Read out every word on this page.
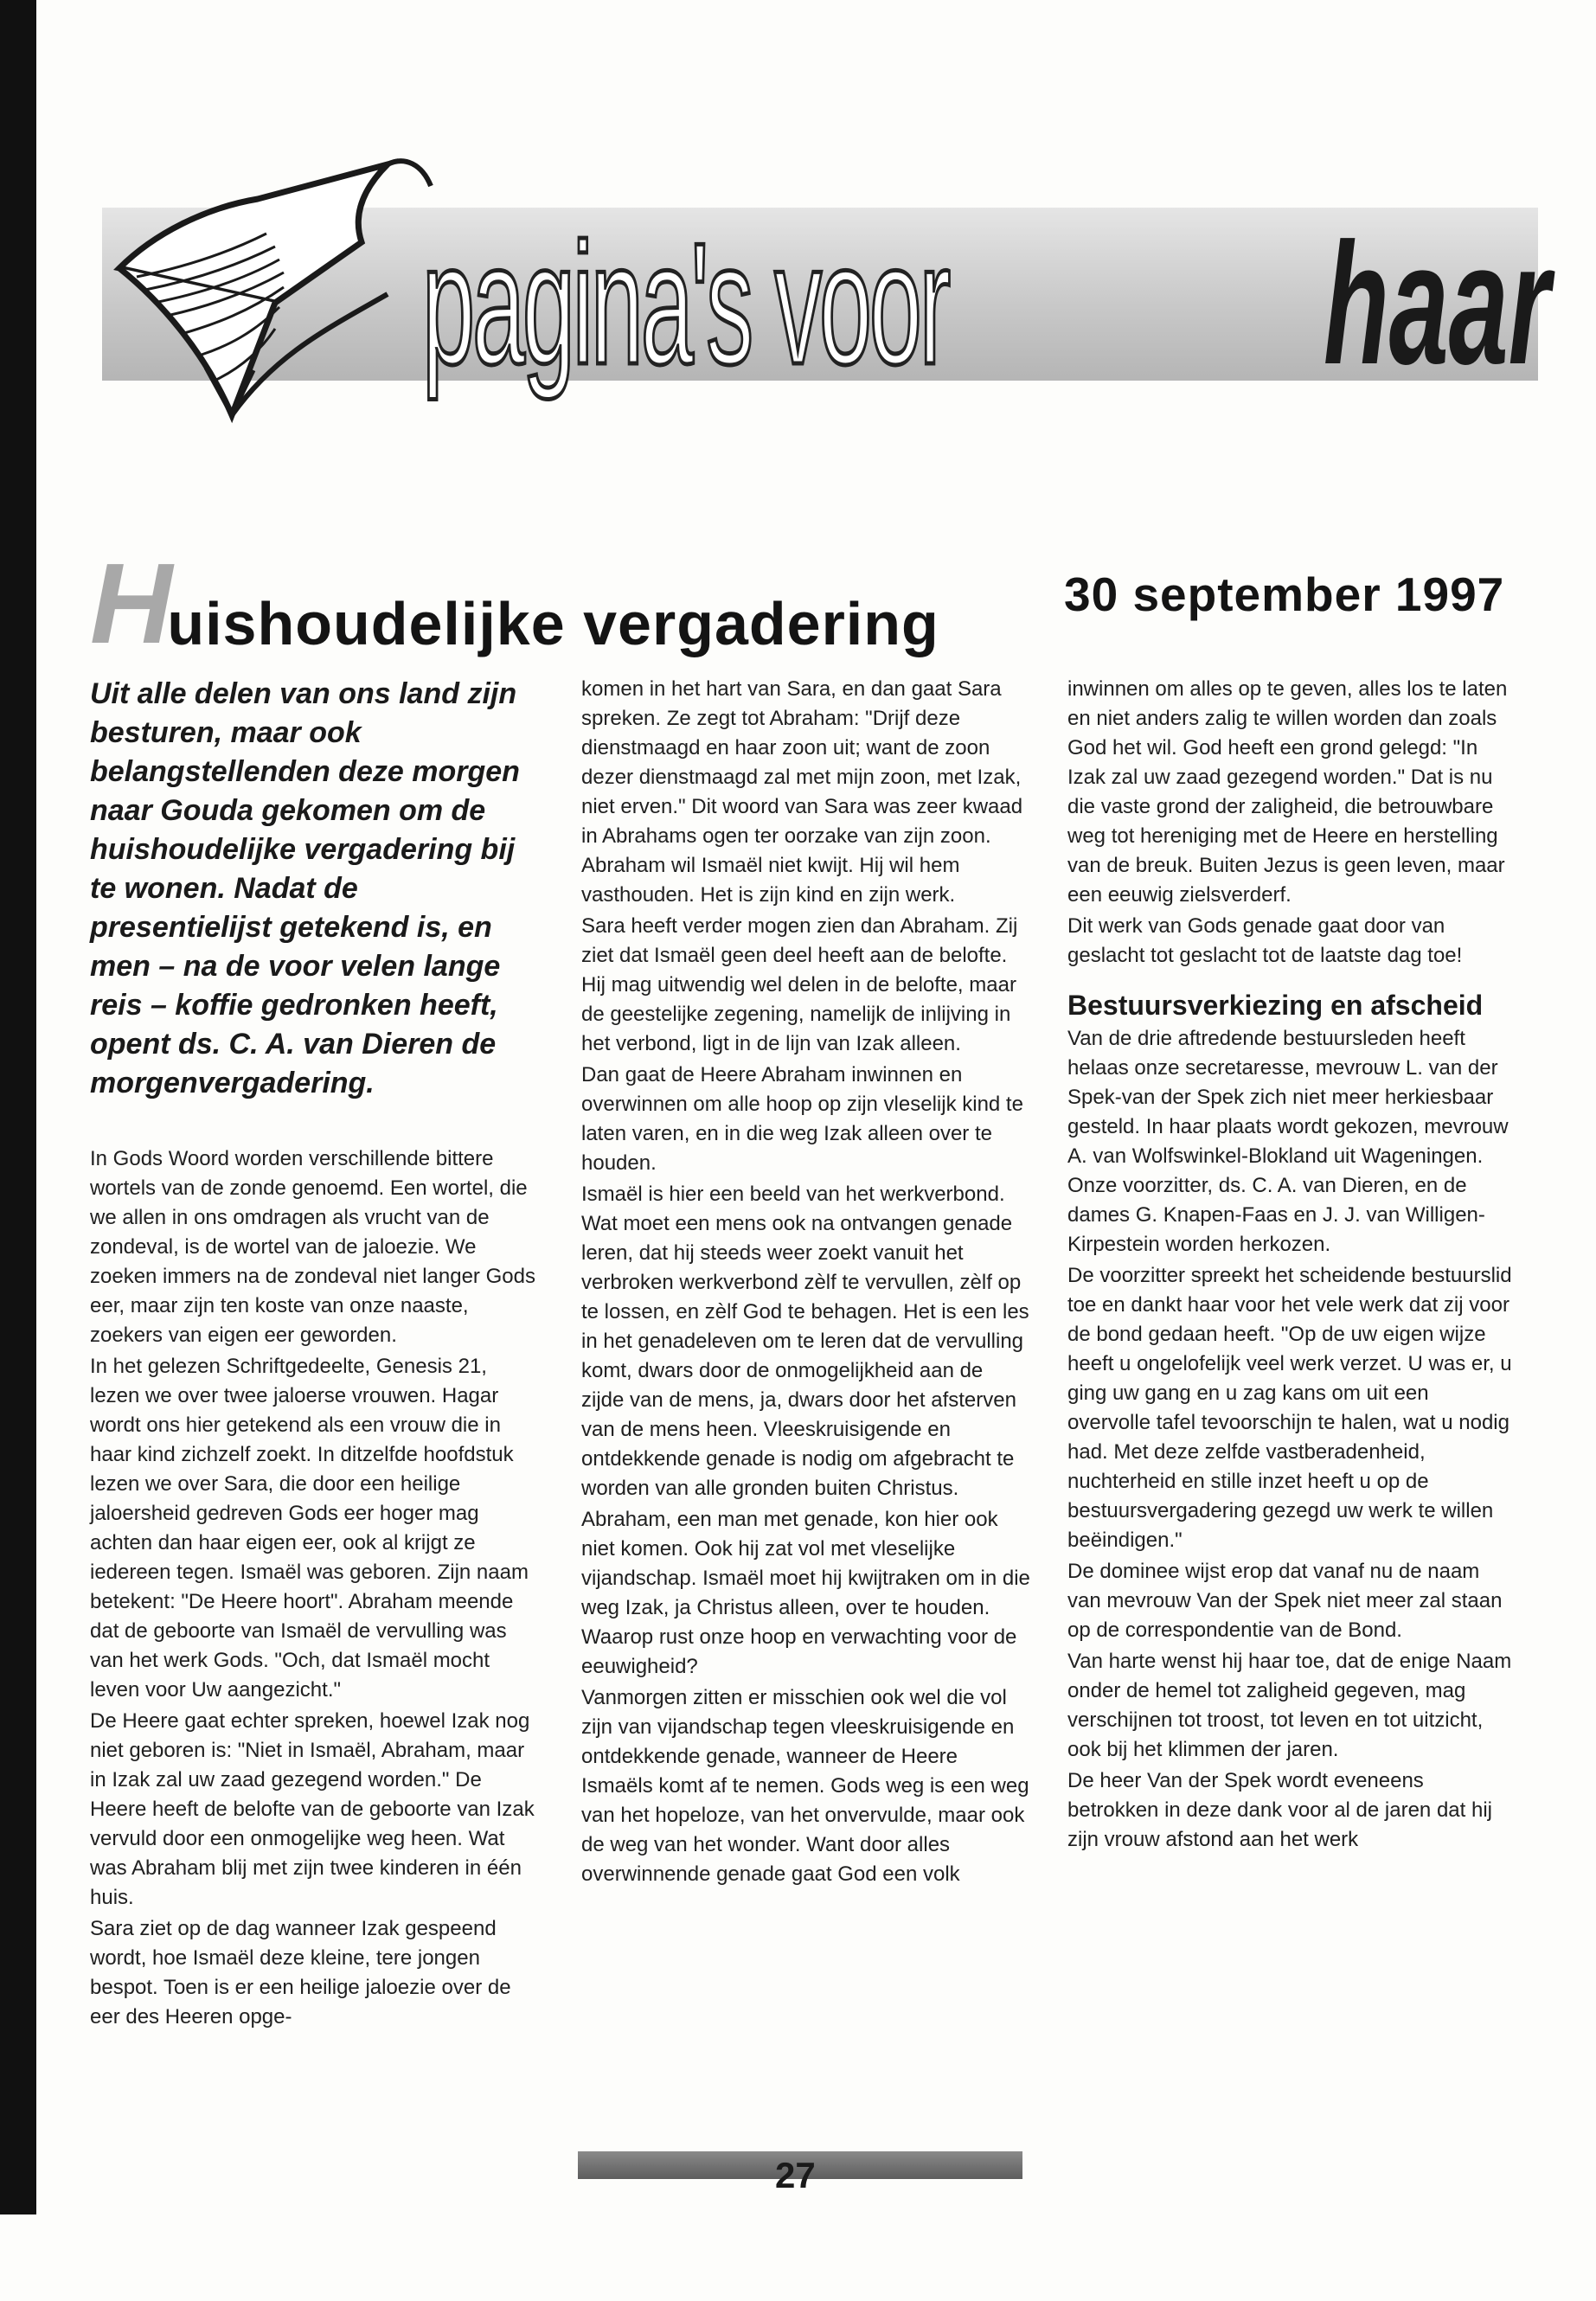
pagina's voor haar
Huishoudelijke vergadering	30 september 1997

Uit alle delen van ons land zijn besturen, maar ook belangstellenden deze morgen naar Gouda gekomen om de huishoudelijke vergadering bij te wonen. Nadat de presentielijst getekend is, en men – na de voor velen lange reis – koffie gedronken heeft, opent ds. C. A. van Dieren de morgenvergadering.

In Gods Woord worden verschillende bittere wortels van de zonde genoemd. Een wortel, die we allen in ons omdragen als vrucht van de zondeval, is de wortel van de jaloezie. We zoeken immers na de zondeval niet langer Gods eer, maar zijn ten koste van onze naaste, zoekers van eigen eer geworden.

In het gelezen Schriftgedeelte, Genesis 21, lezen we over twee jaloerse vrouwen. Hagar wordt ons hier getekend als een vrouw die in haar kind zichzelf zoekt. In ditzelfde hoofdstuk lezen we over Sara, die door een heilige jaloersheid gedreven Gods eer hoger mag achten dan haar eigen eer, ook al krijgt ze iedereen tegen. Ismaël was geboren. Zijn naam betekent: "De Heere hoort". Abraham meende dat de geboorte van Ismaël de vervulling was van het werk Gods. "Och, dat Ismaël mocht leven voor Uw aangezicht."

De Heere gaat echter spreken, hoewel Izak nog niet geboren is: "Niet in Ismaël, Abraham, maar in Izak zal uw zaad gezegend worden." De Heere heeft de belofte van de geboorte van Izak vervuld door een onmogelijke weg heen. Wat was Abraham blij met zijn twee kinderen in één huis.

Sara ziet op de dag wanneer Izak gespeend wordt, hoe Ismaël deze kleine, tere jongen bespot. Toen is er een heilige jaloezie over de eer des Heeren opge-

komen in het hart van Sara, en dan gaat Sara spreken. Ze zegt tot Abraham: "Drijf deze dienstmaagd en haar zoon uit; want de zoon dezer dienstmaagd zal met mijn zoon, met Izak, niet erven." Dit woord van Sara was zeer kwaad in Abrahams ogen ter oorzake van zijn zoon. Abraham wil Ismaël niet kwijt. Hij wil hem vasthouden. Het is zijn kind en zijn werk.

Sara heeft verder mogen zien dan Abraham. Zij ziet dat Ismaël geen deel heeft aan de belofte. Hij mag uitwendig wel delen in de belofte, maar de geestelijke zegening, namelijk de inlijving in het verbond, ligt in de lijn van Izak alleen.

Dan gaat de Heere Abraham inwinnen en overwinnen om alle hoop op zijn vleselijk kind te laten varen, en in die weg Izak alleen over te houden.

Ismaël is hier een beeld van het werkverbond. Wat moet een mens ook na ontvangen genade leren, dat hij steeds weer zoekt vanuit het verbroken werkverbond zèlf te vervullen, zèlf op te lossen, en zèlf God te behagen. Het is een les in het genadeleven om te leren dat de vervulling komt, dwars door de onmogelijkheid aan de zijde van de mens, ja, dwars door het afsterven van de mens heen. Vleeskruisigende en ontdekkende genade is nodig om afgebracht te worden van alle gronden buiten Christus.

Abraham, een man met genade, kon hier ook niet komen. Ook hij zat vol met vleselijke vijandschap. Ismaël moet hij kwijtraken om in die weg Izak, ja Christus alleen, over te houden. Waarop rust onze hoop en verwachting voor de eeuwigheid?

Vanmorgen zitten er misschien ook wel die vol zijn van vijandschap tegen vleeskruisigende en ontdekkende genade, wanneer de Heere Ismaëls komt af te nemen. Gods weg is een weg van het hopeloze, van het onvervulde, maar ook de weg van het wonder. Want door alles overwinnende genade gaat God een volk

inwinnen om alles op te geven, alles los te laten en niet anders zalig te willen worden dan zoals God het wil. God heeft een grond gelegd: "In Izak zal uw zaad gezegend worden." Dat is nu die vaste grond der zaligheid, die betrouwbare weg tot hereniging met de Heere en herstelling van de breuk. Buiten Jezus is geen leven, maar een eeuwig zielsverderf.

Dit werk van Gods genade gaat door van geslacht tot geslacht tot de laatste dag toe!

Bestuursverkiezing en afscheid

Van de drie aftredende bestuursleden heeft helaas onze secretaresse, mevrouw L. van der Spek-van der Spek zich niet meer herkiesbaar gesteld. In haar plaats wordt gekozen, mevrouw A. van Wolfswinkel-Blokland uit Wageningen. Onze voorzitter, ds. C. A. van Dieren, en de dames G. Knapen-Faas en J. J. van Willigen-Kirpestein worden herkozen.

De voorzitter spreekt het scheidende bestuurslid toe en dankt haar voor het vele werk dat zij voor de bond gedaan heeft. "Op de uw eigen wijze heeft u ongelofelijk veel werk verzet. U was er, u ging uw gang en u zag kans om uit een overvolle tafel tevoorschijn te halen, wat u nodig had. Met deze zelfde vastberadenheid, nuchterheid en stille inzet heeft u op de bestuursvergadering gezegd uw werk te willen beëindigen."

De dominee wijst erop dat vanaf nu de naam van mevrouw Van der Spek niet meer zal staan op de correspondentie van de Bond.

Van harte wenst hij haar toe, dat de enige Naam onder de hemel tot zaligheid gegeven, mag verschijnen tot troost, tot leven en tot uitzicht, ook bij het klimmen der jaren.

De heer Van der Spek wordt eveneens betrokken in deze dank voor al de jaren dat hij zijn vrouw afstond aan het werk

27
